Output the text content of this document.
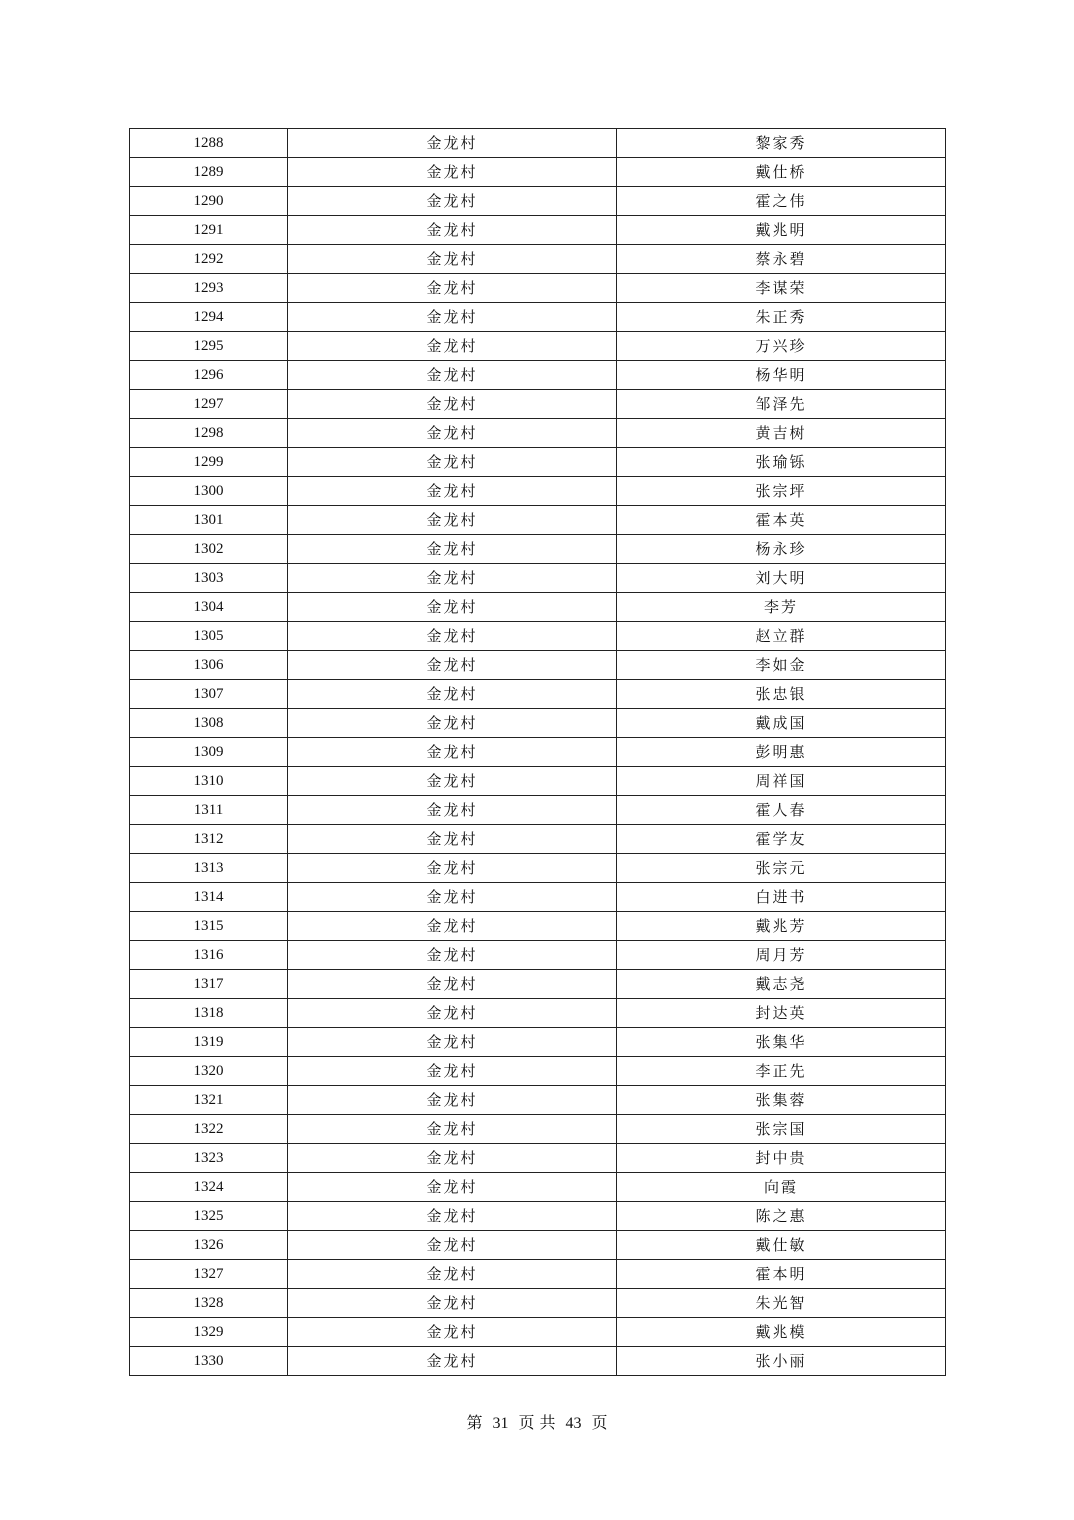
1288	金龙村	黎家秀
1289	金龙村	戴仕桥
1290	金龙村	霍之伟
1291	金龙村	戴兆明
1292	金龙村	蔡永碧
1293	金龙村	李谋荣
1294	金龙村	朱正秀
1295	金龙村	万兴珍
1296	金龙村	杨华明
1297	金龙村	邹泽先
1298	金龙村	黄吉树
1299	金龙村	张瑜铄
1300	金龙村	张宗坪
1301	金龙村	霍本英
1302	金龙村	杨永珍
1303	金龙村	刘大明
1304	金龙村	李芳
1305	金龙村	赵立群
1306	金龙村	李如金
1307	金龙村	张忠银
1308	金龙村	戴成国
1309	金龙村	彭明惠
1310	金龙村	周祥国
1311	金龙村	霍人春
1312	金龙村	霍学友
1313	金龙村	张宗元
1314	金龙村	白进书
1315	金龙村	戴兆芳
1316	金龙村	周月芳
1317	金龙村	戴志尧
1318	金龙村	封达英
1319	金龙村	张集华
1320	金龙村	李正先
1321	金龙村	张集蓉
1322	金龙村	张宗国
1323	金龙村	封中贵
1324	金龙村	向霞
1325	金龙村	陈之惠
1326	金龙村	戴仕敏
1327	金龙村	霍本明
1328	金龙村	朱光智
1329	金龙村	戴兆模
1330	金龙村	张小丽
第 31 页 共 43 页
